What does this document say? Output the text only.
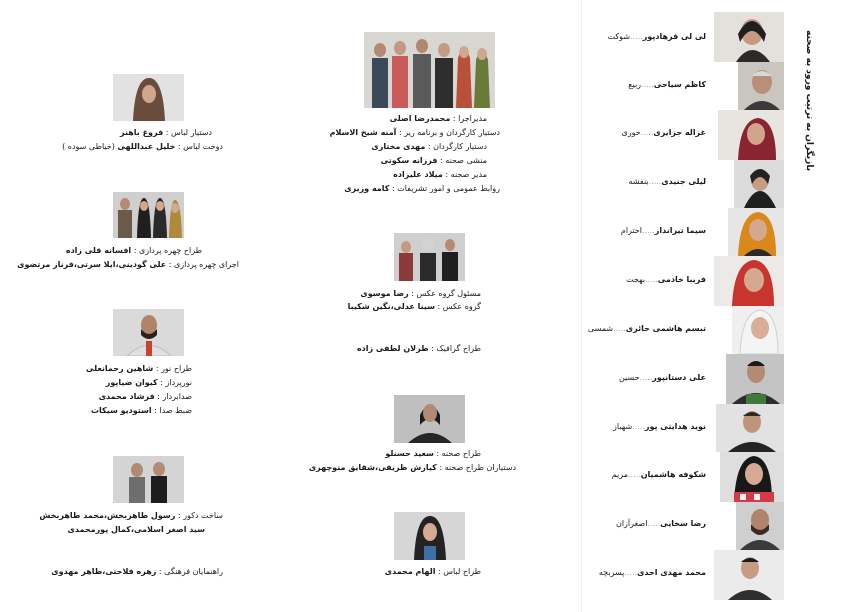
بازیگران به ترتیب ورود به صحنه
لی لی فرهادپور.....شوکت
کاظم سیاحی.....ربیع
غزاله جزایری.....حوری
لیلی جنیدی.....بنفشه
سیما تیرانداز.....احترام
فریبا خادمی.....بهجت
تبسم هاشمی حائری.....شمسی
علی دستانپور.....حسین
نوید هدایتی پور.....شهباز
شکوفه هاشمیان.....مریم
رضا سخایی.....اصغرآزان
محمد مهدی احدی.....پسربچه
مدیراجرا : محمدرضا اصلی
دستیار کارگردان و برنامه ریز : آمنه شیخ الاسلام
دستیار کارگردان : مهدی مختاری
منشی صحنه : فرزانه سکوتی
مدیر صحنه : میلاد علیزاده
روابط عمومی و امور تشریفات : کامه وزیری
مسئول گروه عکس : رضا موسوی
گروه عکس : سینا عدلی،نگین شکیبا
طراح گرافیک : طرلان لطفی زاده
طراح صحنه : سعید حسنلو
دستیاران طراح صحنه : کیارش ظریفی،شقایق منوچهری
طراح لباس : الهام محمدی
دستیار لباس : فروغ باهنر
دوخت لباس : خلیل عبداللهی (خیاطی سوده )
طراح چهره پردازی : افسانه قلی زاده
اجرای چهره پردازی : علی گودینی،ایلا سرتی،فرناز مرتضوی
طراح نور : شاهین رحمانعلی
نورپرداز : کیوان ضیاپور
صدابردار : فرشاد محمدی
ضبط صدا : استودیو سیکات
ساخت دکور : رسول طاهربخش،محمد طاهربخش
سید اصغر اسلامی،کمال پورمحمدی
راهنمایان فرهنگی : زهره فلاحتی،طاهر مهدوی
